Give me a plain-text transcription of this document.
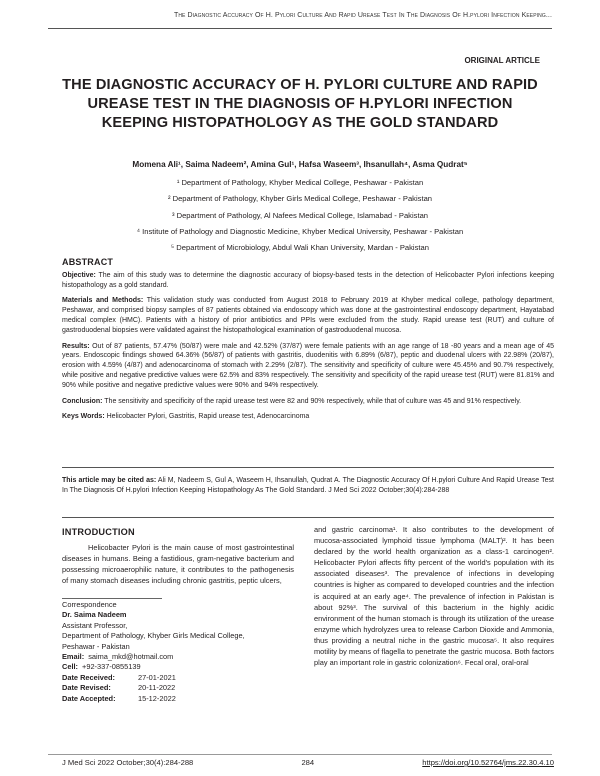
The Diagnostic Accuracy Of H. Pylori Culture And Rapid Urease Test In The Diagnosis Of H.pylori Infection Keeping...
ORIGINAL ARTICLE
THE DIAGNOSTIC ACCURACY OF H. PYLORI CULTURE AND RAPID UREASE TEST IN THE DIAGNOSIS OF H.PYLORI INFECTION KEEPING HISTOPATHOLOGY AS THE GOLD STANDARD
Momena Ali¹, Saima Nadeem², Amina Gul¹, Hafsa Waseem³, Ihsanullah⁴, Asma Qudrat⁵
¹ Department of Pathology, Khyber Medical College, Peshawar - Pakistan
² Department of Pathology, Khyber Girls Medical College, Peshawar - Pakistan
³ Department of Pathology, Al Nafees Medical College, Islamabad - Pakistan
⁴ Institute of Pathology and Diagnostic Medicine, Khyber Medical University, Peshawar - Pakistan
⁵ Department of Microbiology, Abdul Wali Khan University, Mardan - Pakistan
ABSTRACT

Objective: The aim of this study was to determine the diagnostic accuracy of biopsy-based tests in the detection of Helicobacter Pylori infections keeping histopathology as a gold standard.

Materials and Methods: This validation study was conducted from August 2018 to February 2019 at Khyber medical college, pathology department, Peshawar, and comprised biopsy samples of 87 patients obtained via endoscopy which was done at the gastrointestinal endoscopy department, Hayatabad medical complex (HMC). Patients with a history of prior antibiotics and PPIs were excluded from the study. Rapid urease test (RUT) and culture of gastroduodenal biopsies were validated against the histopathological examination of gastroduodenal mucosa.

Results: Out of 87 patients, 57.47% (50/87) were male and 42.52% (37/87) were female patients with an age range of 18 -80 years and a mean age of 45 years. Endoscopic findings showed 64.36% (56/87) of patients with gastritis, duodenitis with 6.89% (6/87), peptic and duodenal ulcers with 22.98% (20/87), erosion with 4.59% (4/87) and adenocarcinoma of stomach with 2.29% (2/87). The sensitivity and specificity of culture were 45.45% and 90.7% respectively, while positive and negative predictive values were 62.5% and 83% respectively. The sensitivity and specificity of the rapid urease test (RUT) were 81.81% and 90% while positive and negative predictive values were 90% and 94% respectively.

Conclusion: The sensitivity and specificity of the rapid urease test were 82 and 90% respectively, while that of culture was 45 and 91% respectively.

Keys Words: Helicobacter Pylori, Gastritis, Rapid urease test, Adenocarcinoma

This article may be cited as: Ali M, Nadeem S, Gul A, Waseem H, Ihsanullah, Qudrat A. The Diagnostic Accuracy Of H.pylori Culture And Rapid Urease Test In The Diagnosis Of H.pylori Infection Keeping Histopathology As The Gold Standard. J Med Sci 2022 October;30(4):284-288
INTRODUCTION

Helicobacter Pylori is the main cause of most gastrointestinal diseases in humans. Being a fastidious, gram-negative bacterium and possessing microaerophilic nature, it contributes to the pathogenesis of many stomach diseases including chronic gastritis, peptic ulcers,

Correspondence
Dr. Saima Nadeem
Assistant Professor,
Department of Pathology, Khyber Girls Medical College,
Peshawar - Pakistan
Email: saima_mkd@hotmail.com
Cell: +92-337-0855139
Date Received:	27-01-2021
Date Revised:	20-11-2022
Date Accepted:	15-12-2022

and gastric carcinoma¹. It also contributes to the development of mucosa-associated lymphoid tissue lymphoma (MALT)². It has been declared by the world health organization as a class-1 carcinogen². Helicobacter Pylori affects fifty percent of the world's population with its associated diseases³. The prevalence of infections in developing countries is higher as compared to developed countries and the infection is acquired at an early age⁴. The prevalence of infection in Pakistan is about 92%³. The survival of this bacterium in the highly acidic environment of the human stomach is through its utilization of the urease enzyme which hydrolyzes urea to release Carbon Dioxide and Ammonia, thus providing a neutral niche in the gastric mucosa⁵. It also requires motility by means of flagella to penetrate the gastric mucosa. Both factors play an important role in gastric colonization⁶. Fecal oral, oral-oral

J Med Sci 2022 October;30(4):284-288	284	https://doi.org/10.52764/jms.22.30.4.10
